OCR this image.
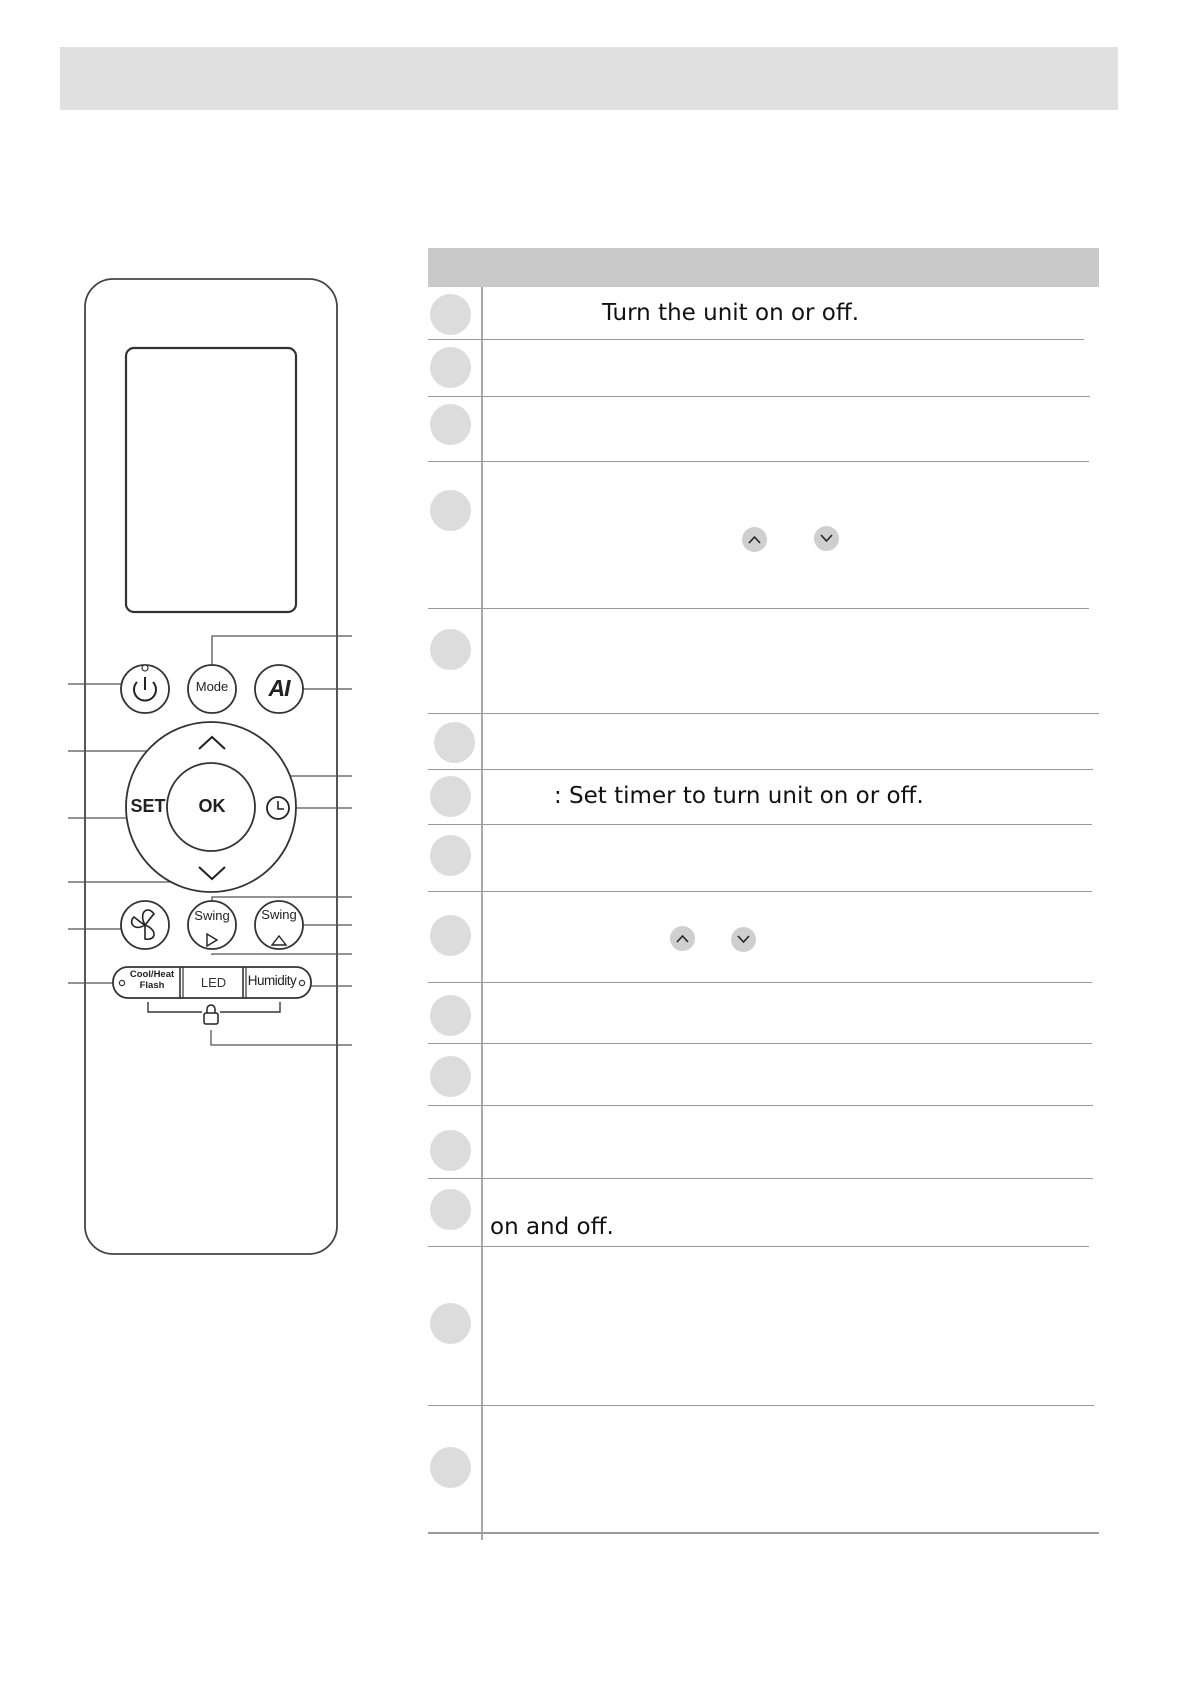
Mode AI
SET	OK
Swing	Swing
Cool/Heat
Flash	LED	Humidity
Turn the unit on or off.
: Set timer to turn unit on or off.
on and off.
